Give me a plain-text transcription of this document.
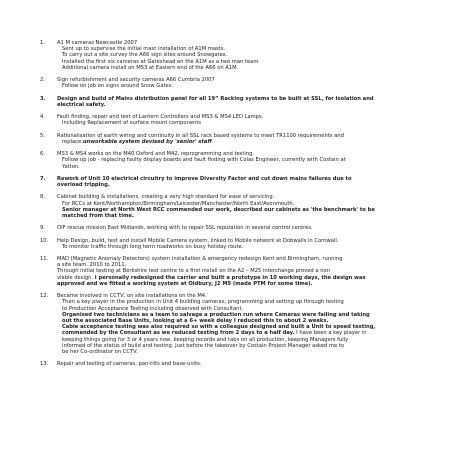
1.	A1 M cameras Newcastle 2007
Sent up to supervise the initial mast installation of A1M masts.
To carry out a site survey the A66 sign sites around Snowgates.
Installed the first six cameras at Gateshead on the A1M as a two man team.
Additional camera install on M53 at Eastern end of the A66 on A1M.
2.	Sign refurbishment and security cameras A66 Cumbria 2007
Follow on job on signs around Snow Gates.
3.	Design and build of Mains distribution panel for all 19” Racking systems to be built at SSL, for isolation and
electrical safety.
4.	Fault finding, repair and test of Lantern Controllers and MS3 & MS4 LED Lamps.
Including Replacement of surface mount components
5.	Rationalisation of earth wiring and continuity in all SSL rack based systems to meet TR1100 requirements and
replace unworkable system devised by 'senior' staff.
6.	MS3 & MS4 works on the M40 Oxford and M42, reprogramming and testing.
Follow up job - replacing faulty display boards and fault finding with Colas Engineer, currently with Costain at
Yatton.
7.	Rework of Unit 10 electrical circuitry to improve Diversity Factor and cut down mains failures due to
overload tripping.
8.	Cabinet building & installations, creating a very high standard for ease of servicing.
For RCCs at Kent/Northampton/Birmingham/Leicester/Manchester/North East/Avonmouth.
Senior manager at North West RCC commended our work, described our cabinets as 'the benchmark' to be
matched from that time.
9.	OIF rescue mission East Midlands, working with to repair SSL reputation in several control centres.
10.	Help Design, build, test and install Mobile Camera system, linked to Mobile network at Dobwalls in Cornwall.
To monitor traffic through long term roadworks on busy holiday route.
11.	MAD (Magnetic Anomaly Detectors) system installation & emergency redesign Kent and Birmingham, running
a site team. 2010 to 2011.
Through initial testing at Berkshire test centre to a first install on the A2 – M25 interchange proved a non
viable design. I personally redesigned the carrier and built a prototype in 10 working days, the design was
approved and we fitted a working system at Oldbury, J2 M5 (made PTM for some time).
12.	Became involved in CCTV, on site installations on the M4.
Then a key player in the production in Unit 4 building cameras, programming and setting up through testing
to Production Acceptance Testing including observed with Consultant.
Organised two technicians as a team to salvage a production run where Cameras were failing and taking
out the associated Base Units, looking at a 6+ week delay I reduced this to about 2 weeks.
Cable acceptance testing was also required so with a colleague designed and built a Unit to speed testing,
commended by the Consultant as we reduced testing from 2 days to a half day. I have been a key player in
keeping things going for 3 or 4 years now, keeping records and tabs on all production, keeping Managers fully
informed of the status of build and testing. Just before the takeover by Costain Project Manager asked me to
be her Co-ordinator on CCTV.
13.	Repair and testing of cameras, pan-tilts and base-units.
